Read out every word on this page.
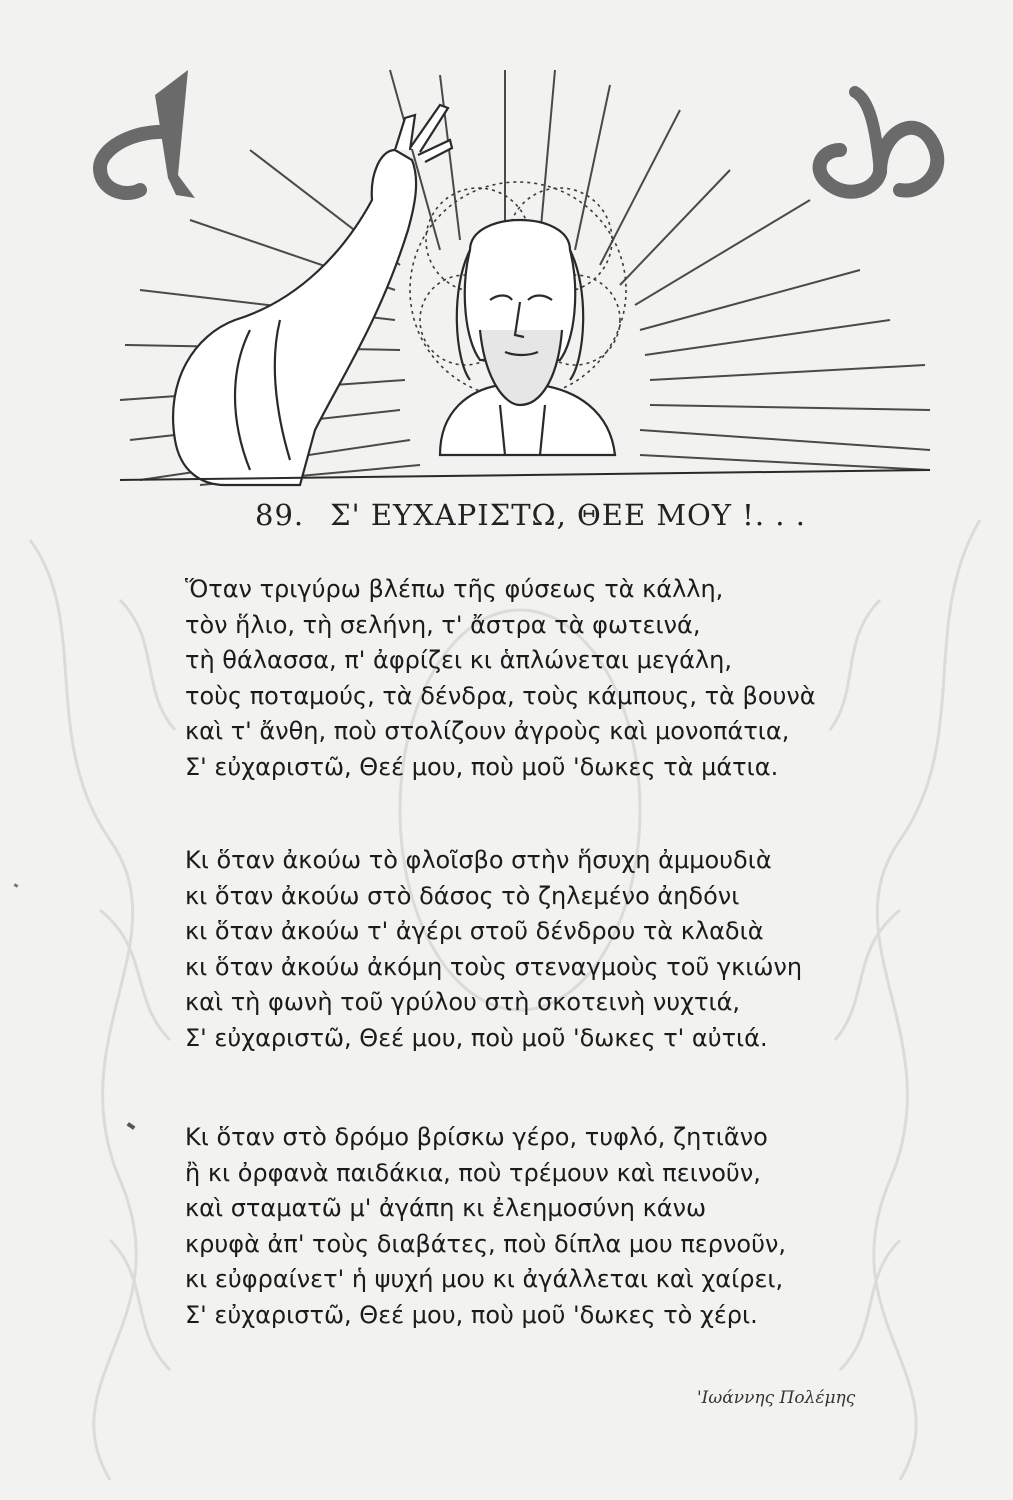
89. Σ' ΕΥΧΑΡΙΣΤΩ, ΘΕΕ ΜΟΥ !. . .
Ὅταν τριγύρω βλέπω τῆς φύσεως τὰ κάλλη,
τὸν ἥλιο, τὴ σελήνη, τ' ἄστρα τὰ φωτεινά,
τὴ θάλασσα, π' ἀφρίζει κι ἁπλώνεται μεγάλη,
τοὺς ποταμούς, τὰ δένδρα, τοὺς κάμπους, τὰ βουνὰ
καὶ τ' ἄνθη, ποὺ στολίζουν ἀγροὺς καὶ μονοπάτια,
Σ' εὐχαριστῶ, Θεέ μου, ποὺ μοῦ 'δωκες τὰ μάτια.
Κι ὅταν ἀκούω τὸ φλοῖσβο στὴν ἥσυχη ἀμμουδιὰ
κι ὅταν ἀκούω στὸ δάσος τὸ ζηλεμένο ἀηδόνι
κι ὅταν ἀκούω τ' ἀγέρι στοῦ δένδρου τὰ κλαδιὰ
κι ὅταν ἀκούω ἀκόμη τοὺς στεναγμοὺς τοῦ γκιώνη
καὶ τὴ φωνὴ τοῦ γρύλου στὴ σκοτεινὴ νυχτιά,
Σ' εὐχαριστῶ, Θεέ μου, ποὺ μοῦ 'δωκες τ' αὐτιά.
Κι ὅταν στὸ δρόμο βρίσκω γέρο, τυφλό, ζητιᾶνο
ἢ κι ὀρφανὰ παιδάκια, ποὺ τρέμουν καὶ πεινοῦν,
καὶ σταματῶ μ' ἀγάπη κι ἐλεημοσύνη κάνω
κρυφὰ ἀπ' τοὺς διαβάτες, ποὺ δίπλα μου περνοῦν,
κι εὐφραίνετ' ἡ ψυχή μου κι ἀγάλλεται καὶ χαίρει,
Σ' εὐχαριστῶ, Θεέ μου, ποὺ μοῦ 'δωκες τὸ χέρι.
'Ιωάννης Πολέμης
